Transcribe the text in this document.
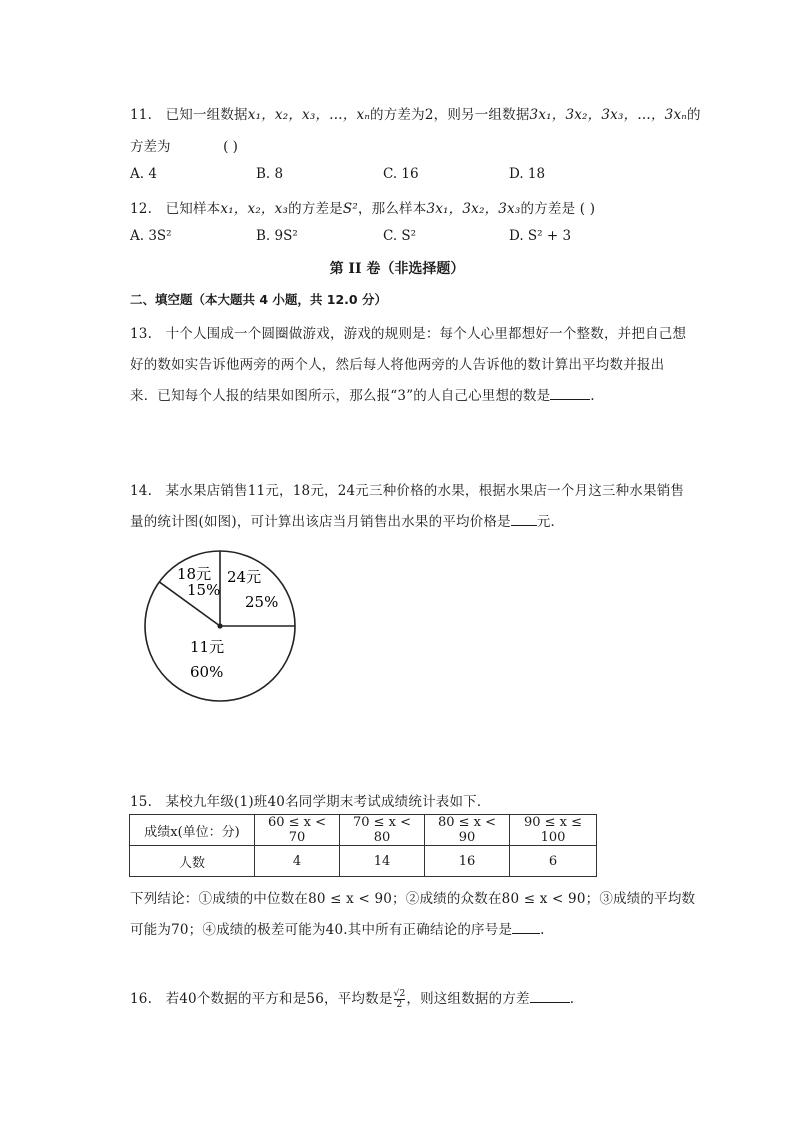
11. 已知一组数据x₁，x₂，x₃，…，xₙ的方差为2，则另一组数据3x₁，3x₂，3x₃，…，3xₙ的
方差为	( )
A. 4	B. 8	C. 16	D. 18
12. 已知样本x₁，x₂，x₃的方差是S²，那么样本3x₁，3x₂，3x₃的方差是 ( )
A. 3S²	B. 9S²	C. S²	D. S² + 3
第 II 卷（非选择题）
二、填空题（本大题共 4 小题，共 12.0 分）
13. 十个人围成一个圆圈做游戏，游戏的规则是：每个人心里都想好一个整数，并把自己想
好的数如实告诉他两旁的两个人，然后每人将他两旁的人告诉他的数计算出平均数并报出
来．已知每个人报的结果如图所示，那么报“3”的人自己心里想的数是	.
14. 某水果店销售11元，18元，24元三种价格的水果，根据水果店一个月这三种水果销售
量的统计图(如图)，可计算出该店当月销售出水果的平均价格是 元．
18元
15%
24元
25%
11元
60%
15. 某校九年级(1)班40名同学期末考试成绩统计表如下．
成绩x(单位：分)	60 ≤ x < 70	70 ≤ x < 80	80 ≤ x < 90	90 ≤ x ≤ 100
人数	4	14	16	6
下列结论：①成绩的中位数在80 ≤ x < 90；②成绩的众数在80 ≤ x < 90；③成绩的平均数
可能为70；④成绩的极差可能为40.其中所有正确结论的序号是 .
16. 若40个数据的平方和是56，平均数是 $\frac{√2}{2}$ ，则这组数据的方差	.
